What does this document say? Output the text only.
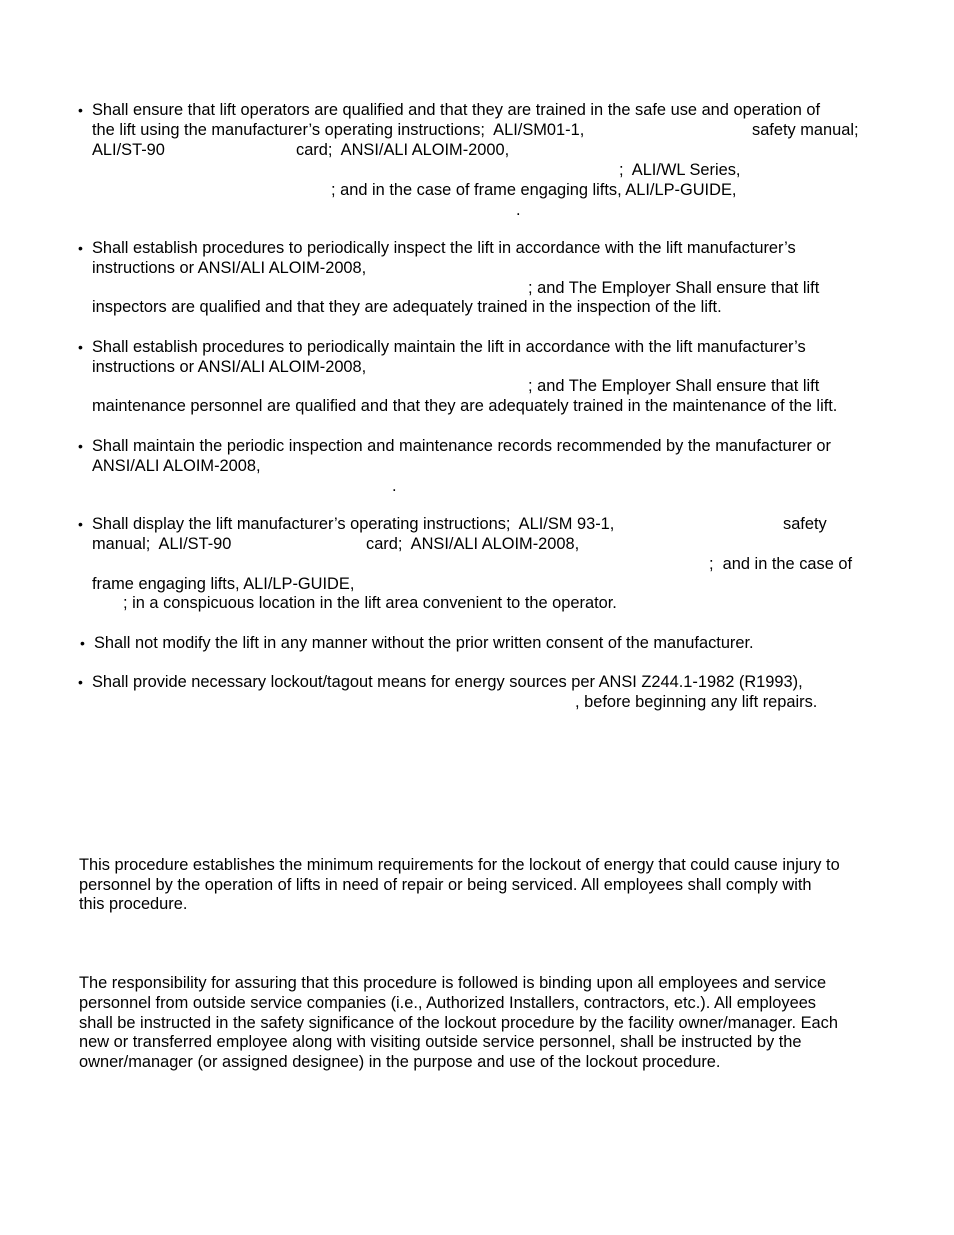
• Shall ensure that lift operators are qualified and that they are trained in the safe use and operation of

the lift using the manufacturer’s operating instructions;  ALI/SM01-1,	safety manual;

ALI/ST-90	card;  ANSI/ALI ALOIM-2000,

;  ALI/WL Series,

; and in the case of frame engaging lifts, ALI/LP-GUIDE,

.

• Shall establish procedures to periodically inspect the lift in accordance with the lift manufacturer’s

instructions or ANSI/ALI ALOIM-2008,

; and The Employer Shall ensure that lift

inspectors are qualified and that they are adequately trained in the inspection of the lift.

• Shall establish procedures to periodically maintain the lift in accordance with the lift manufacturer’s

instructions or ANSI/ALI ALOIM-2008,

; and The Employer Shall ensure that lift

maintenance personnel are qualified and that they are adequately trained in the maintenance of the lift.

• Shall maintain the periodic inspection and maintenance records recommended by the manufacturer or

ANSI/ALI ALOIM-2008,

.

• Shall display the lift manufacturer’s operating instructions;  ALI/SM 93-1,	safety

manual;  ALI/ST-90	card;  ANSI/ALI ALOIM-2008,

;  and in the case of

frame engaging lifts, ALI/LP-GUIDE,

; in a conspicuous location in the lift area convenient to the operator.

• Shall not modify the lift in any manner without the prior written consent of the manufacturer.

• Shall provide necessary lockout/tagout means for energy sources per ANSI Z244.1-1982 (R1993),

, before beginning any lift repairs.

This procedure establishes the minimum requirements for the lockout of energy that could cause injury to

personnel by the operation of lifts in need of repair or being serviced. All employees shall comply with

this procedure.

The responsibility for assuring that this procedure is followed is binding upon all employees and service

personnel from outside service companies (i.e., Authorized Installers, contractors, etc.). All employees

shall be instructed in the safety significance of the lockout procedure by the facility owner/manager. Each

new or transferred employee along with visiting outside service personnel, shall be instructed by the

owner/manager (or assigned designee) in the purpose and use of the lockout procedure.
